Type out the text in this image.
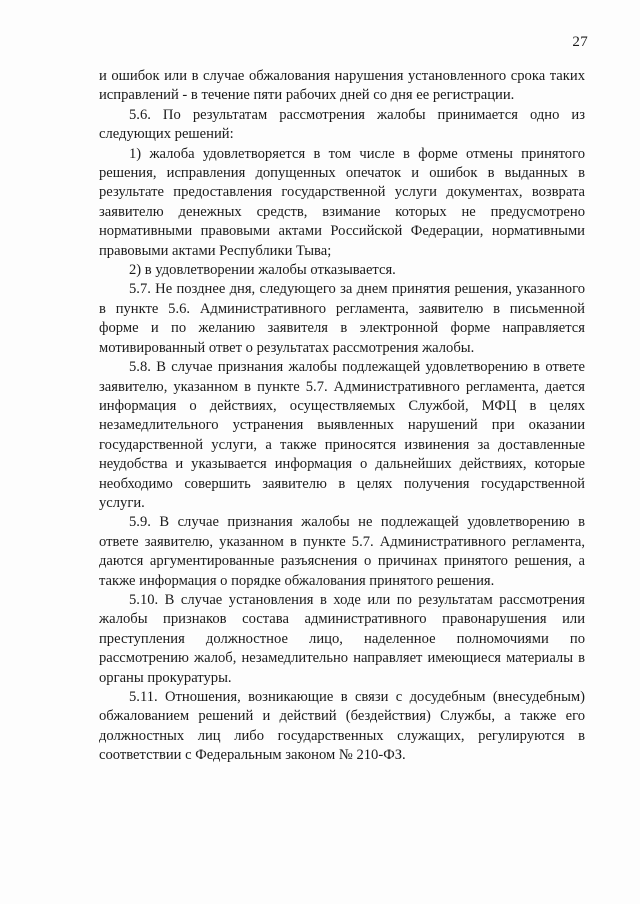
27

и ошибок или в случае обжалования нарушения установленного срока таких исправлений - в течение пяти рабочих дней со дня ее регистрации.

5.6. По результатам рассмотрения жалобы принимается одно из следующих решений:

1) жалоба удовлетворяется в том числе в форме отмены принятого решения, исправления допущенных опечаток и ошибок в выданных в результате предоставления государственной услуги документах, возврата заявителю денежных средств, взимание которых не предусмотрено нормативными правовыми актами Российской Федерации, нормативными правовыми актами Республики Тыва;

2) в удовлетворении жалобы отказывается.

5.7. Не позднее дня, следующего за днем принятия решения, указанного в пункте 5.6. Административного регламента, заявителю в письменной форме и по желанию заявителя в электронной форме направляется мотивированный ответ о результатах рассмотрения жалобы.

5.8. В случае признания жалобы подлежащей удовлетворению в ответе заявителю, указанном в пункте 5.7. Административного регламента, дается информация о действиях, осуществляемых Службой, МФЦ в целях незамедлительного устранения выявленных нарушений при оказании государственной услуги, а также приносятся извинения за доставленные неудобства и указывается информация о дальнейших действиях, которые необходимо совершить заявителю в целях получения государственной услуги.

5.9. В случае признания жалобы не подлежащей удовлетворению в ответе заявителю, указанном в пункте 5.7. Административного регламента, даются аргументированные разъяснения о причинах принятого решения, а также информация о порядке обжалования принятого решения.

5.10. В случае установления в ходе или по результатам рассмотрения жалобы признаков состава административного правонарушения или преступления должностное лицо, наделенное полномочиями по рассмотрению жалоб, незамедлительно направляет имеющиеся материалы в органы прокуратуры.

5.11. Отношения, возникающие в связи с досудебным (внесудебным) обжалованием решений и действий (бездействия) Службы, а также его должностных лиц либо государственных служащих, регулируются в соответствии с Федеральным законом № 210-ФЗ.
